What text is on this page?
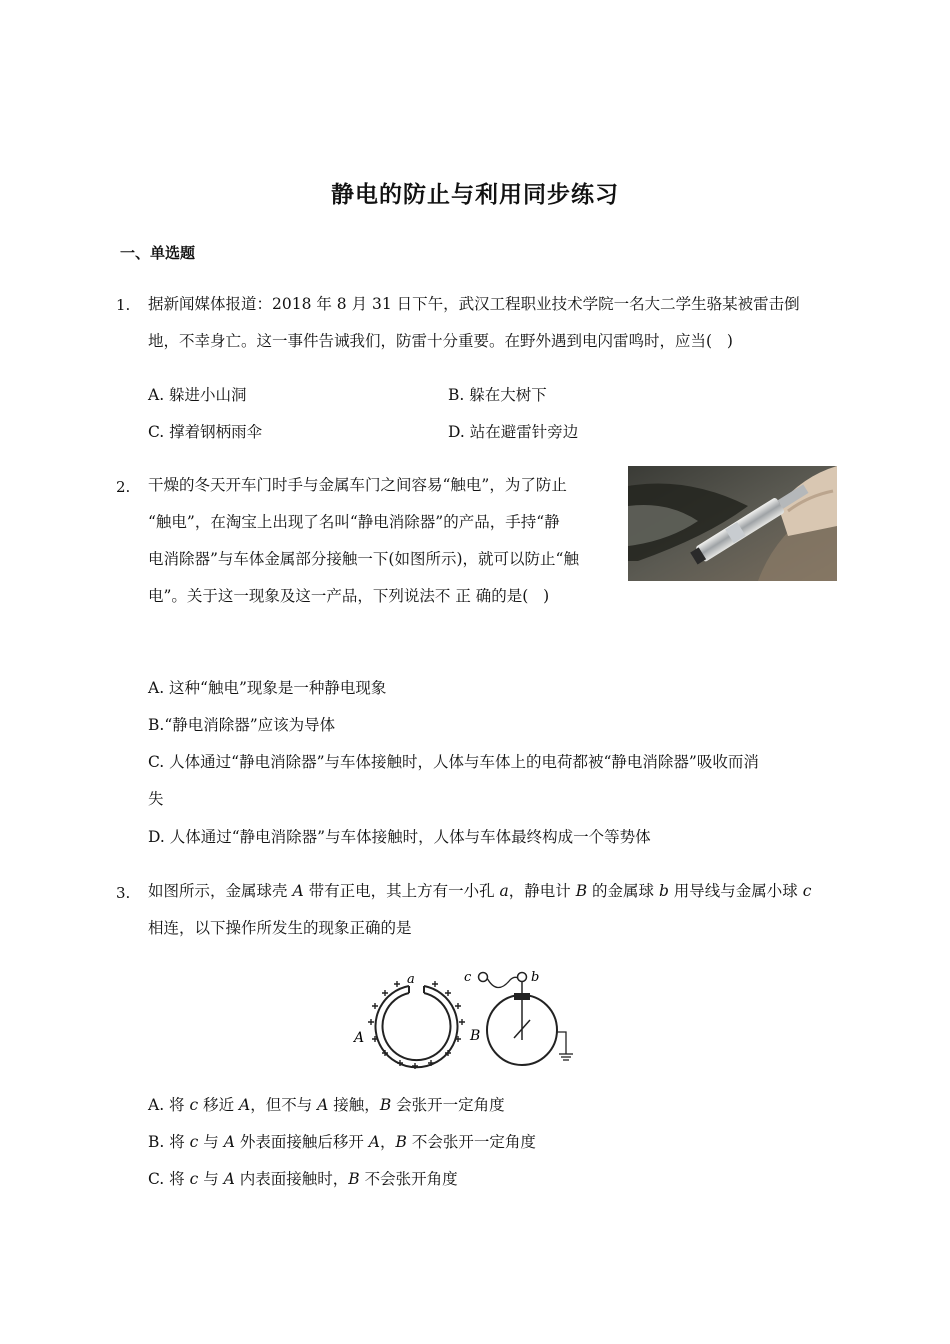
静电的防止与利用同步练习
一、单选题
1. 据新闻媒体报道：2018 年 8 月 31 日下午，武汉工程职业技术学院一名大二学生骆某被雷击倒
地，不幸身亡。这一事件告诫我们，防雷十分重要。在野外遇到电闪雷鸣时，应当(   )
A. 躲进小山洞	B. 躲在大树下
C. 撑着钢柄雨伞	D. 站在避雷针旁边
2. 干燥的冬天开车门时手与金属车门之间容易“触电”，为了防止
“触电”，在淘宝上出现了名叫“静电消除器”的产品，手持“静
电消除器”与车体金属部分接触一下(如图所示)，就可以防止“触
电”。关于这一现象及这一产品，下列说法不 正 确的是(   )
A. 这种“触电”现象是一种静电现象
B.“静电消除器”应该为导体
C. 人体通过“静电消除器”与车体接触时，人体与车体上的电荷都被“静电消除器”吸收而消
失
D. 人体通过“静电消除器”与车体接触时，人体与车体最终构成一个等势体
3. 如图所示，金属球壳 A 带有正电，其上方有一小孔 a，静电计 B 的金属球 b 用导线与金属小球 c
相连，以下操作所发生的现象正确的是
a
A	B
c	b
A. 将 c 移近 A，但不与 A 接触，B 会张开一定角度
B. 将 c 与 A 外表面接触后移开 A，B 不会张开一定角度
C. 将 c 与 A 内表面接触时，B 不会张开角度
